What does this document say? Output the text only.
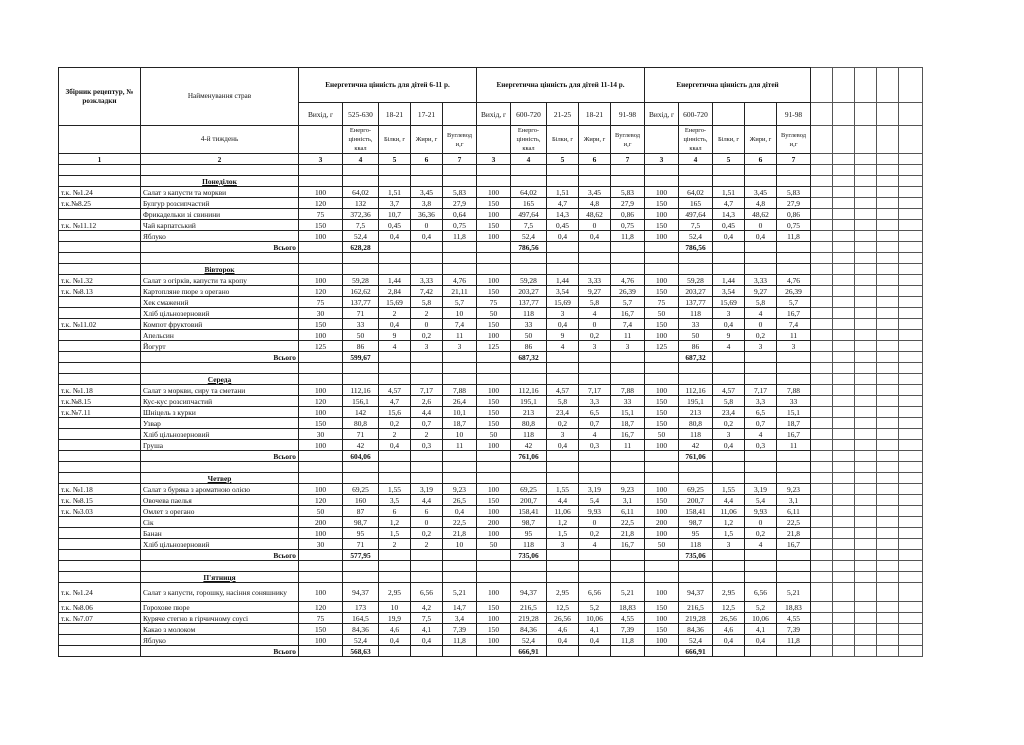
Збірник рецептур, № розкладки	Найменування страв	Енергетична цінність для дітей 6-11 р.					Енергетична цінність для дітей 11-14 р.					Енергетична цінність для дітей									
		Вихід, г	525-630	18-21	17-21		Вихід, г	600-720	21-25	18-21	91-98	Вихід, г	600-720			91-98					
	4-й тиждень		Енерго-цінність, ккал	Білки, г	Жири, г	Вуглевод и,г		Енерго-цінність, ккал	Білки, г	Жири, г	Вуглевод и,г		Енерго-цінність, ккал	Білки, г	Жири, г	Вуглевод и,г					
1	2	3	4	5	6	7	3	4	5	6	7	3	4	5	6	7					

	Понеділок																				
т.к. №1.24	Салат з капусти та моркви	100	64,02	1,51	3,45	5,83	100	64,02	1,51	3,45	5,83	100	64,02	1,51	3,45	5,83					
т.к.№8.25	Булгур розсипчастий	120	132	3,7	3,8	27,9	150	165	4,7	4,8	27,9	150	165	4,7	4,8	27,9					
	Фрикадельки зі свинини	75	372,36	10,7	36,36	0,64	100	497,64	14,3	48,62	0,86	100	497,64	14,3	48,62	0,86					
т.к. №11.12	Чай карпатський	150	7,5	0,45	0	0,75	150	7,5	0,45	0	0,75	150	7,5	0,45	0	0,75					
	Яблуко	100	52,4	0,4	0,4	11,8	100	52,4	0,4	0,4	11,8	100	52,4	0,4	0,4	11,8					
	Всього		628,28					786,56					786,56								

	Вівторок																				
т.к. №1.32	Салат з огірків, капусти та кропу	100	59,28	1,44	3,33	4,76	100	59,28	1,44	3,33	4,76	100	59,28	1,44	3,33	4,76					
т.к. №8.13	Картопляне пюре з орегано	120	162,62	2,84	7,42	21,11	150	203,27	3,54	9,27	26,39	150	203,27	3,54	9,27	26,39					
	Хек смажений	75	137,77	15,69	5,8	5,7	75	137,77	15,69	5,8	5,7	75	137,77	15,69	5,8	5,7					
	Хліб цільнозерновий	30	71	2	2	10	50	118	3	4	16,7	50	118	3	4	16,7					
т.к. №11.02	Компот фруктовий	150	33	0,4	0	7,4	150	33	0,4	0	7,4	150	33	0,4	0	7,4					
	Апельсин	100	50	9	0,2	11	100	50	9	0,2	11	100	50	9	0,2	11					
	Йогурт	125	86	4	3	3	125	86	4	3	3	125	86	4	3	3					
	Всього		599,67					687,32					687,32								

	Середа																				
т.к. №1.18	Салат з моркви, сиру та сметани	100	112,16	4,57	7,17	7,88	100	112,16	4,57	7,17	7,88	100	112,16	4,57	7,17	7,88					
т.к.№8.15	Кус-кус розсипчастий	120	156,1	4,7	2,6	26,4	150	195,1	5,8	3,3	33	150	195,1	5,8	3,3	33					
т.к.№7.11	Шніцель з курки	100	142	15,6	4,4	10,1	150	213	23,4	6,5	15,1	150	213	23,4	6,5	15,1					
	Узвар	150	80,8	0,2	0,7	18,7	150	80,8	0,2	0,7	18,7	150	80,8	0,2	0,7	18,7					
	Хліб цільнозерновий	30	71	2	2	10	50	118	3	4	16,7	50	118	3	4	16,7					
	Груша	100	42	0,4	0,3	11	100	42	0,4	0,3	11	100	42	0,4	0,3	11					
	Всього		604,06					761,06					761,06								

	Четвер																				
т.к. №1.18	Салат з буряка з ароматною олією	100	69,25	1,55	3,19	9,23	100	69,25	1,55	3,19	9,23	100	69,25	1,55	3,19	9,23					
т.к. №8.15	Овочева паелья	120	160	3,5	4,4	26,5	150	200,7	4,4	5,4	3,1	150	200,7	4,4	5,4	3,1					
т.к. №3.03	Омлет з орегано	50	87	6	6	0,4	100	158,41	11,06	9,93	6,11	100	158,41	11,06	9,93	6,11					
	Сік	200	98,7	1,2	0	22,5	200	98,7	1,2	0	22,5	200	98,7	1,2	0	22,5					
	Банан	100	95	1,5	0,2	21,8	100	95	1,5	0,2	21,8	100	95	1,5	0,2	21,8					
	Хліб цільнозерновий	30	71	2	2	10	50	118	3	4	16,7	50	118	3	4	16,7					
	Всього		577,95					735,06					735,06								

	П'ятниця																				
т.к. №1.24	Салат з капусти, горошку, насіння соняшнику	100	94,37	2,95	6,56	5,21	100	94,37	2,95	6,56	5,21	100	94,37	2,95	6,56	5,21					
т.к. №8.06	Горохове пюре	120	173	10	4,2	14,7	150	216,5	12,5	5,2	18,83	150	216,5	12,5	5,2	18,83					
т.к. №7.07	Куряче стегно в гірчичному соусі	75	164,5	19,9	7,5	3,4	100	219,28	26,56	10,06	4,55	100	219,28	26,56	10,06	4,55					
	Какао з молоком	150	84,36	4,6	4,1	7,39	150	84,36	4,6	4,1	7,39	150	84,36	4,6	4,1	7,39					
	Яблуко	100	52,4	0,4	0,4	11,8	100	52,4	0,4	0,4	11,8	100	52,4	0,4	0,4	11,8					
	Всього		568,63					666,91					666,91								
